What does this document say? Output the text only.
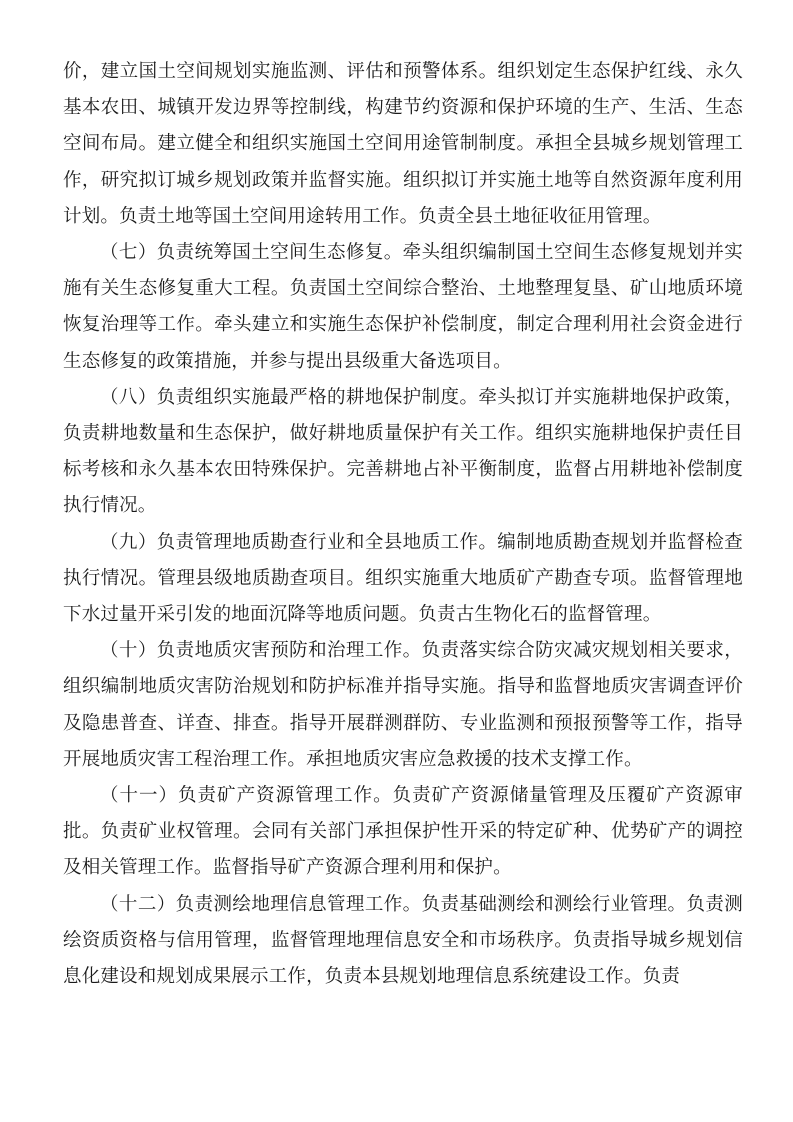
价，建立国土空间规划实施监测、评估和预警体系。组织划定生态保护红线、永久基本农田、城镇开发边界等控制线，构建节约资源和保护环境的生产、生活、生态空间布局。建立健全和组织实施国土空间用途管制制度。承担全县城乡规划管理工作，研究拟订城乡规划政策并监督实施。组织拟订并实施土地等自然资源年度利用计划。负责土地等国土空间用途转用工作。负责全县土地征收征用管理。

（七）负责统筹国土空间生态修复。牵头组织编制国土空间生态修复规划并实施有关生态修复重大工程。负责国土空间综合整治、土地整理复垦、矿山地质环境恢复治理等工作。牵头建立和实施生态保护补偿制度，制定合理利用社会资金进行生态修复的政策措施，并参与提出县级重大备选项目。

（八）负责组织实施最严格的耕地保护制度。牵头拟订并实施耕地保护政策，负责耕地数量和生态保护，做好耕地质量保护有关工作。组织实施耕地保护责任目标考核和永久基本农田特殊保护。完善耕地占补平衡制度，监督占用耕地补偿制度执行情况。

（九）负责管理地质勘查行业和全县地质工作。编制地质勘查规划并监督检查执行情况。管理县级地质勘查项目。组织实施重大地质矿产勘查专项。监督管理地下水过量开采引发的地面沉降等地质问题。负责古生物化石的监督管理。

（十）负责地质灾害预防和治理工作。负责落实综合防灾减灾规划相关要求，组织编制地质灾害防治规划和防护标准并指导实施。指导和监督地质灾害调查评价及隐患普查、详查、排查。指导开展群测群防、专业监测和预报预警等工作，指导开展地质灾害工程治理工作。承担地质灾害应急救援的技术支撑工作。

（十一）负责矿产资源管理工作。负责矿产资源储量管理及压覆矿产资源审批。负责矿业权管理。会同有关部门承担保护性开采的特定矿种、优势矿产的调控及相关管理工作。监督指导矿产资源合理利用和保护。

（十二）负责测绘地理信息管理工作。负责基础测绘和测绘行业管理。负责测绘资质资格与信用管理，监督管理地理信息安全和市场秩序。负责指导城乡规划信息化建设和规划成果展示工作，负责本县规划地理信息系统建设工作。负责
